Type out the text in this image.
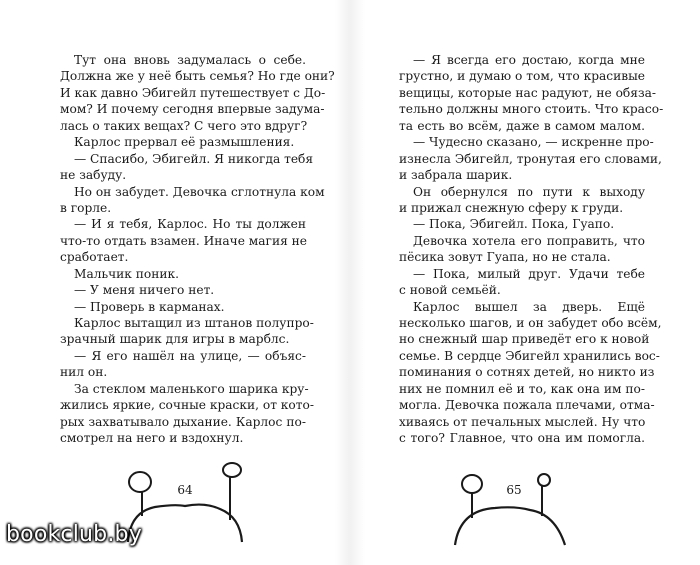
Тут она вновь задумалась о себе.
Должна же у неё быть семья? Но где они?
И как давно Эбигейл путешествует с До-
мом? И почему сегодня впервые задума-
лась о таких вещах? С чего это вдруг?
Карлос прервал её размышления.
— Спасибо, Эбигейл. Я никогда тебя
не забуду.
Но он забудет. Девочка сглотнула ком
в горле.
— И я тебя, Карлос. Но ты должен
что-то отдать взамен. Иначе магия не
сработает.
Мальчик поник.
— У меня ничего нет.
— Проверь в карманах.
Карлос вытащил из штанов полупро-
зрачный шарик для игры в марблс.
— Я его нашёл на улице, — объяс-
нил он.
За стеклом маленького шарика кру-
жились яркие, сочные краски, от кото-
рых захватывало дыхание. Карлос по-
смотрел на него и вздохнул.
— Я всегда его достаю, когда мне
грустно, и думаю о том, что красивые
вещицы, которые нас радуют, не обяза-
тельно должны много стоить. Что красо-
та есть во всём, даже в самом малом.
— Чудесно сказано, — искренне про-
изнесла Эбигейл, тронутая его словами,
и забрала шарик.
Он обернулся по пути к выходу
и прижал снежную сферу к груди.
— Пока, Эбигейл. Пока, Гуапо.
Девочка хотела его поправить, что
пёсика зовут Гуапа, но не стала.
— Пока, милый друг. Удачи тебе
с новой семьёй.
Карлос вышел за дверь. Ещё
несколько шагов, и он забудет обо всём,
но снежный шар приведёт его к новой
семье. В сердце Эбигейл хранились вос-
поминания о сотнях детей, но никто из
них не помнил её и то, как она им по-
могла. Девочка пожала плечами, отма-
хиваясь от печальных мыслей. Ну что
с того? Главное, что она им помогла.
64	65
bookclub.by
